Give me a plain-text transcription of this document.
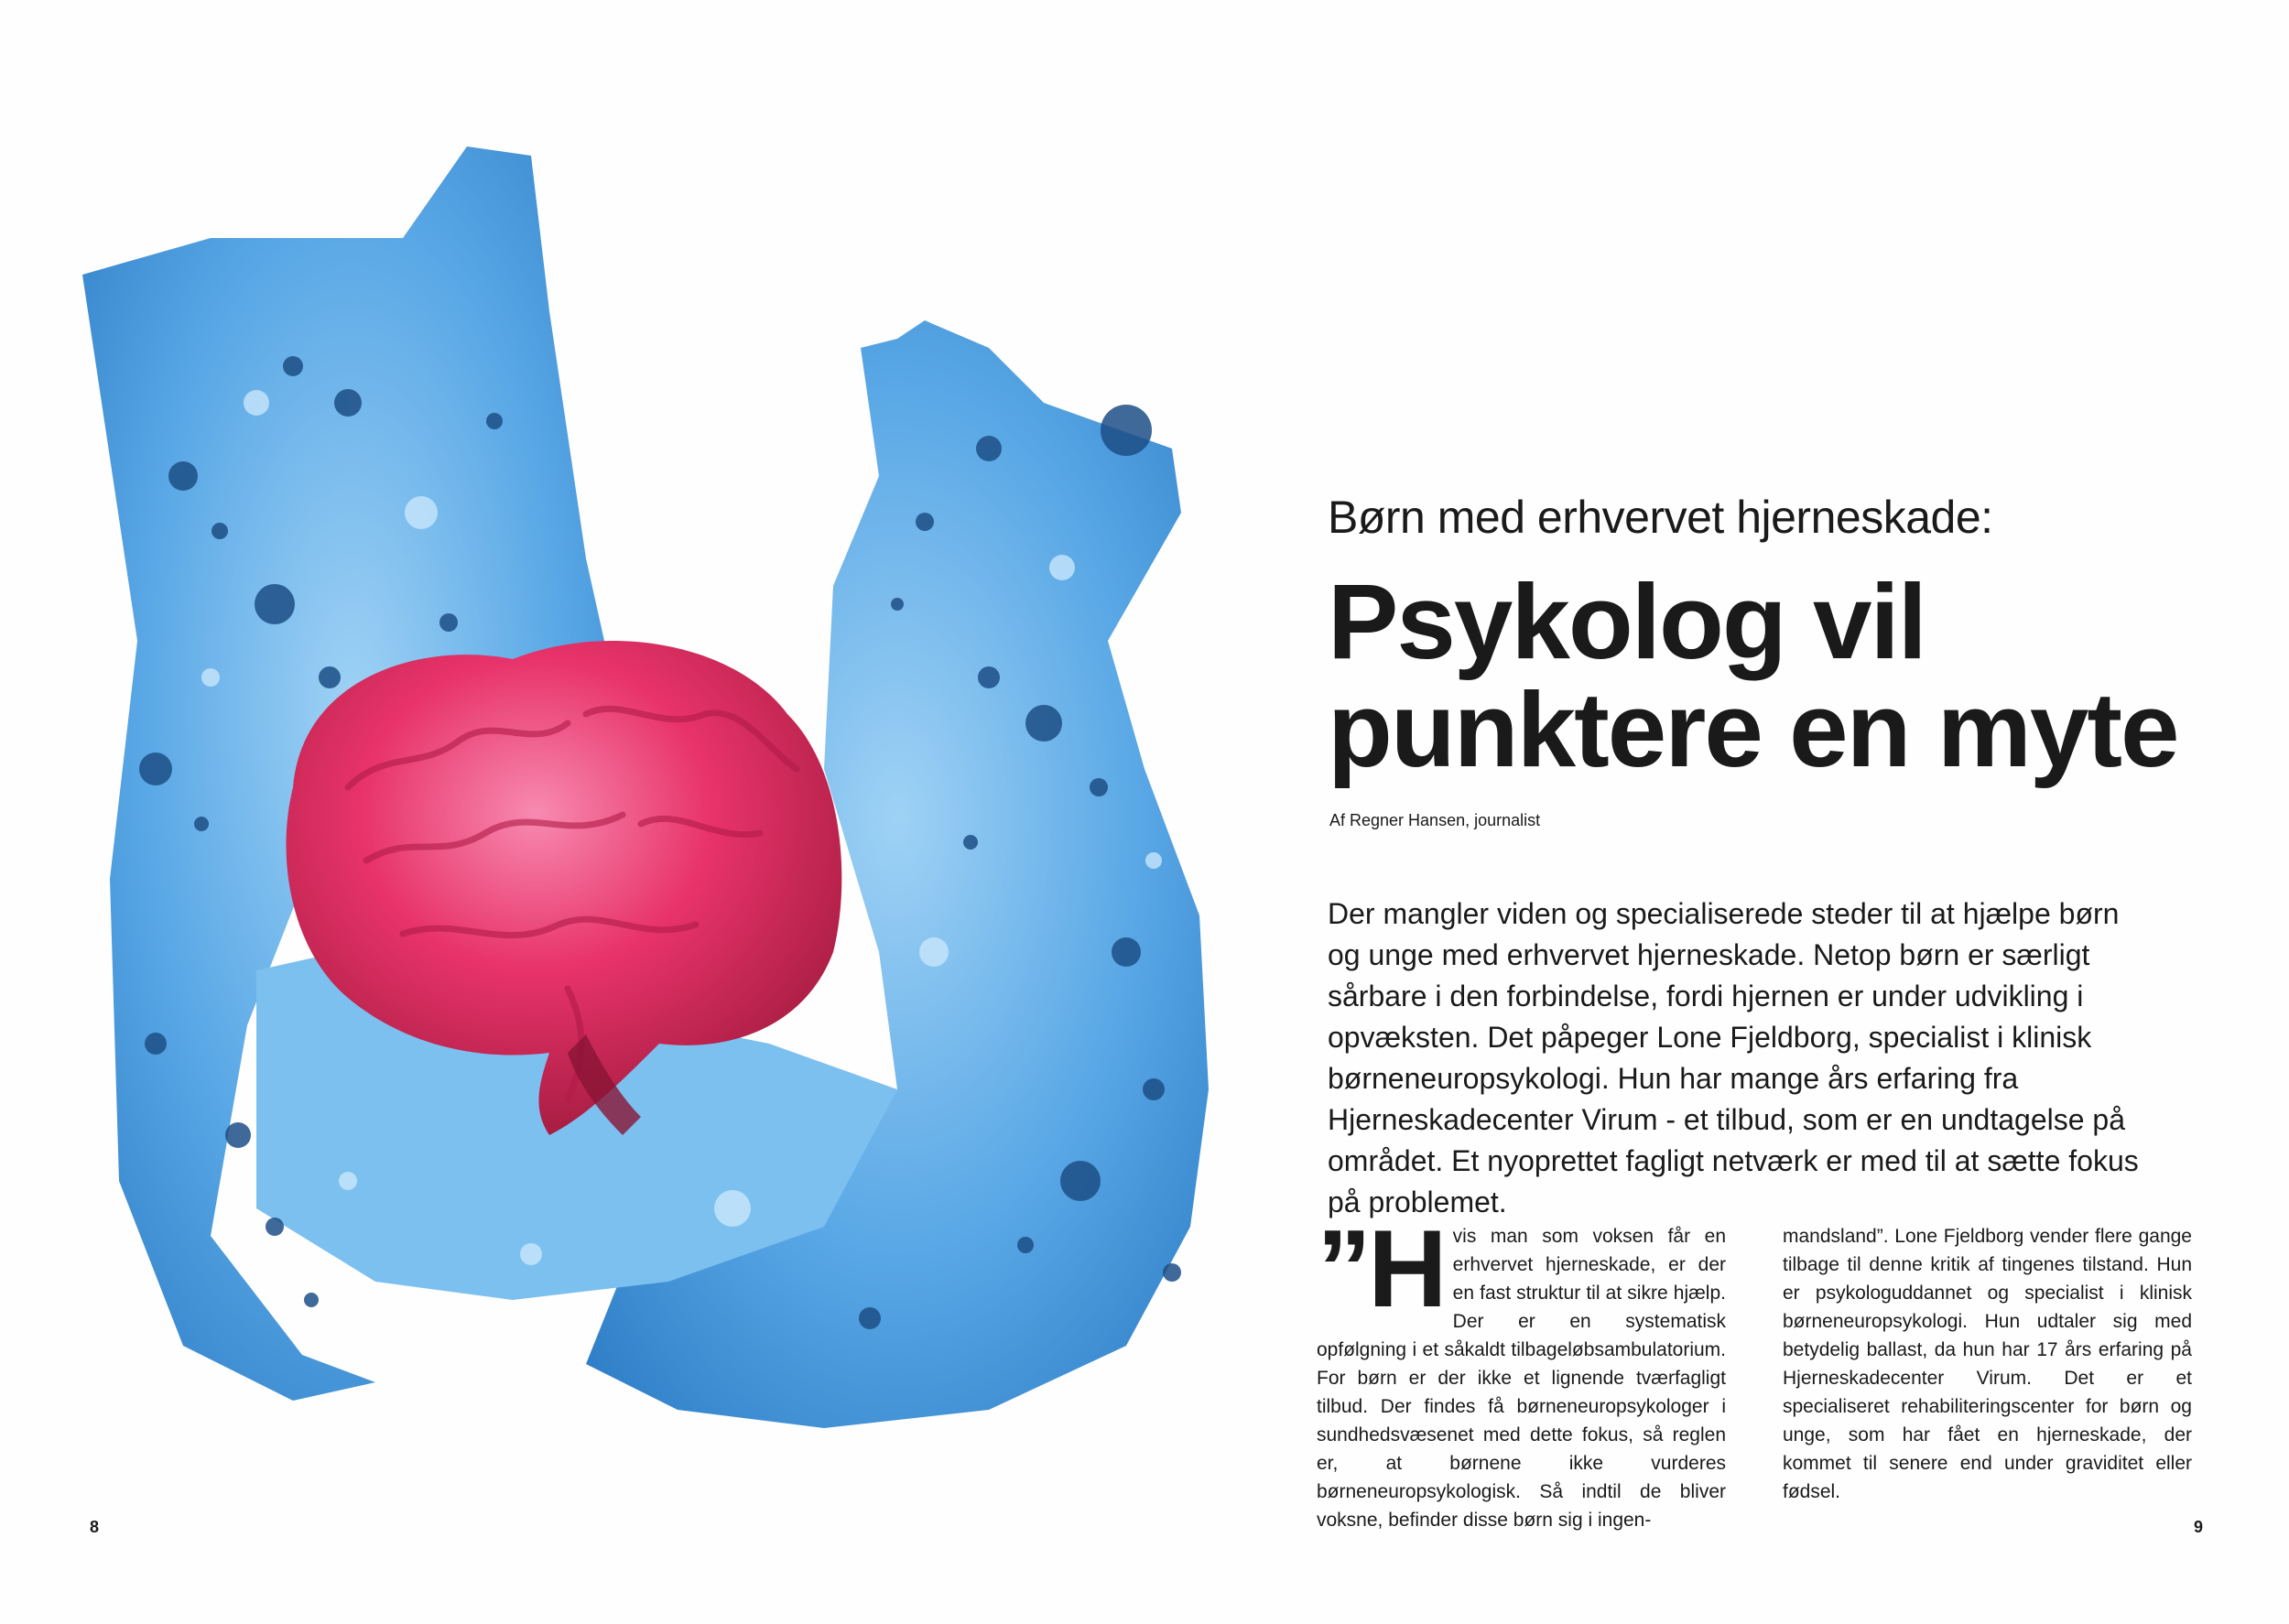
8
Børn med erhvervet hjerneskade:
Psykolog vil
punktere en myte
Af Regner Hansen, journalist
Der mangler viden og specialiserede steder til at hjælpe børn og unge med erhvervet hjerneskade. Netop børn er særligt sårbare i den forbindelse, fordi hjernen er under udvikling i opvæksten. Det påpeger Lone Fjeldborg, specialist i klinisk børneneuropsykologi. Hun har mange års erfaring fra Hjerneskadecenter Virum - et tilbud, som er en undtagelse på området. Et nyoprettet fagligt netværk er med til at sætte fokus på problemet.
”H vis man som voksen får en erhvervet hjerneskade, er der en fast struktur til at sikre hjælp. Der er en systematisk opfølgning i et såkaldt tilbageløbsambulatorium. For børn er der ikke et lignende tværfagligt tilbud. Der findes få børneneuropsykologer i sundhedsvæsenet med dette fokus, så reglen er, at børnene ikke vurderes børneneuropsykologisk. Så indtil de bliver voksne, befinder disse børn sig i ingen-
mandsland”. Lone Fjeldborg vender flere gange tilbage til denne kritik af tingenes tilstand. Hun er psykologuddannet og specialist i klinisk børneneuropsykologi. Hun udtaler sig med betydelig ballast, da hun har 17 års erfaring på Hjerneskadecenter Virum. Det er et specialiseret rehabiliteringscenter for børn og unge, som har fået en hjerneskade, der kommet til senere end under graviditet eller fødsel.
9
